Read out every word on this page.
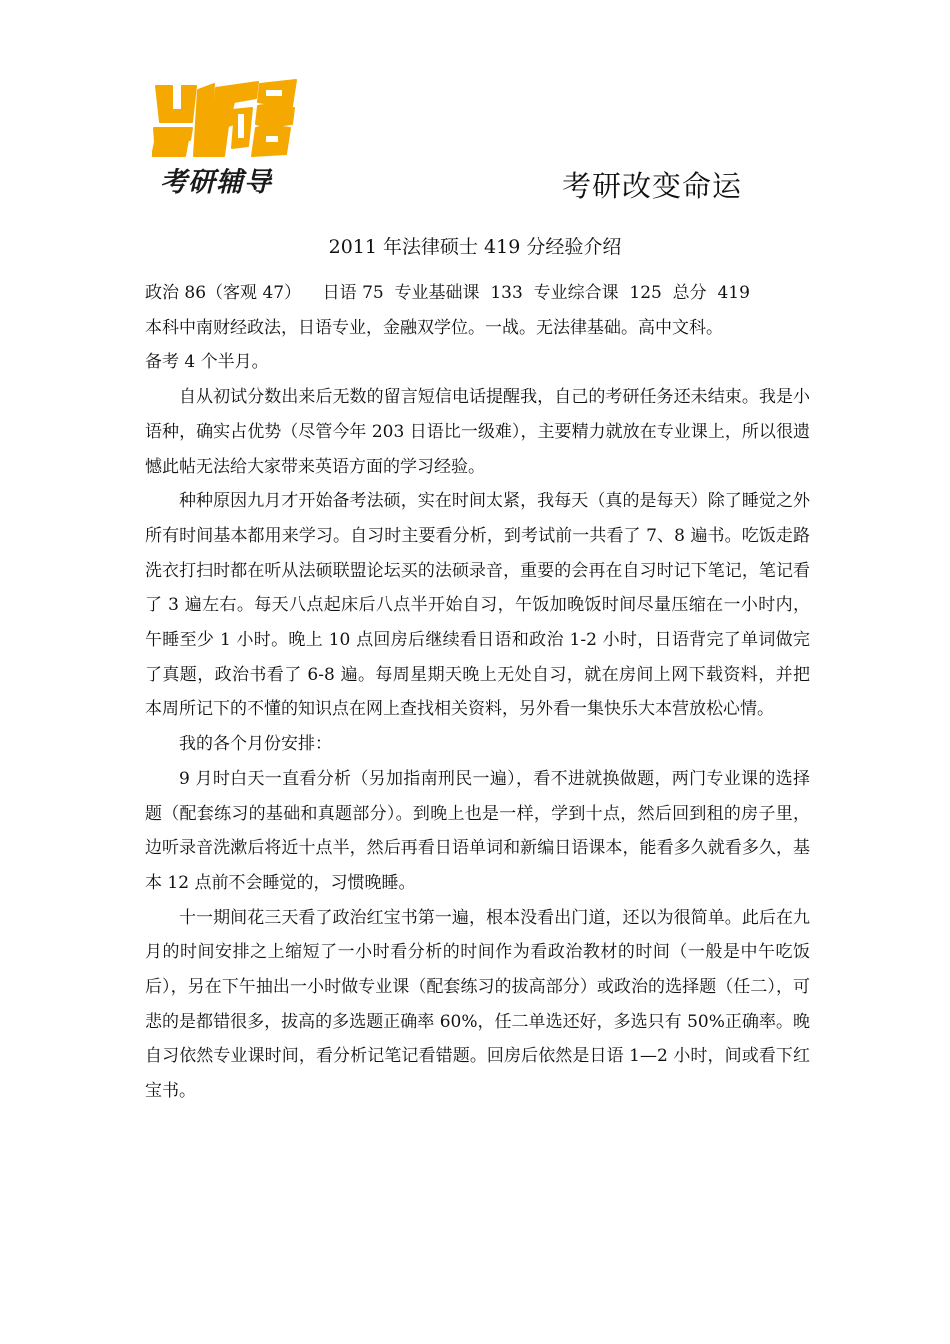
考研辅导	考研改变命运
2011 年法律硕士 419 分经验介绍

政治 86（客观 47）    日语 75  专业基础课  133  专业综合课  125  总分  419

本科中南财经政法，日语专业，金融双学位。一战。无法律基础。高中文科。

备考 4 个半月。

自从初试分数出来后无数的留言短信电话提醒我，自己的考研任务还未结束。我是小语种，确实占优势（尽管今年 203 日语比一级难），主要精力就放在专业课上，所以很遗憾此帖无法给大家带来英语方面的学习经验。

种种原因九月才开始备考法硕，实在时间太紧，我每天（真的是每天）除了睡觉之外所有时间基本都用来学习。自习时主要看分析，到考试前一共看了 7、8 遍书。吃饭走路洗衣打扫时都在听从法硕联盟论坛买的法硕录音，重要的会再在自习时记下笔记，笔记看了 3 遍左右。每天八点起床后八点半开始自习，午饭加晚饭时间尽量压缩在一小时内，午睡至少 1 小时。晚上 10 点回房后继续看日语和政治 1-2 小时，日语背完了单词做完了真题，政治书看了 6-8 遍。每周星期天晚上无处自习，就在房间上网下载资料，并把本周所记下的不懂的知识点在网上查找相关资料，另外看一集快乐大本营放松心情。

我的各个月份安排：

9 月时白天一直看分析（另加指南刑民一遍），看不进就换做题，两门专业课的选择题（配套练习的基础和真题部分）。到晚上也是一样，学到十点，然后回到租的房子里，边听录音洗漱后将近十点半，然后再看日语单词和新编日语课本，能看多久就看多久，基本 12 点前不会睡觉的，习惯晚睡。

十一期间花三天看了政治红宝书第一遍，根本没看出门道，还以为很简单。此后在九月的时间安排之上缩短了一小时看分析的时间作为看政治教材的时间（一般是中午吃饭后），另在下午抽出一小时做专业课（配套练习的拔高部分）或政治的选择题（任二），可悲的是都错很多，拔高的多选题正确率 60%，任二单选还好，多选只有 50%正确率。晚自习依然专业课时间，看分析记笔记看错题。回房后依然是日语 1—2 小时，间或看下红宝书。
